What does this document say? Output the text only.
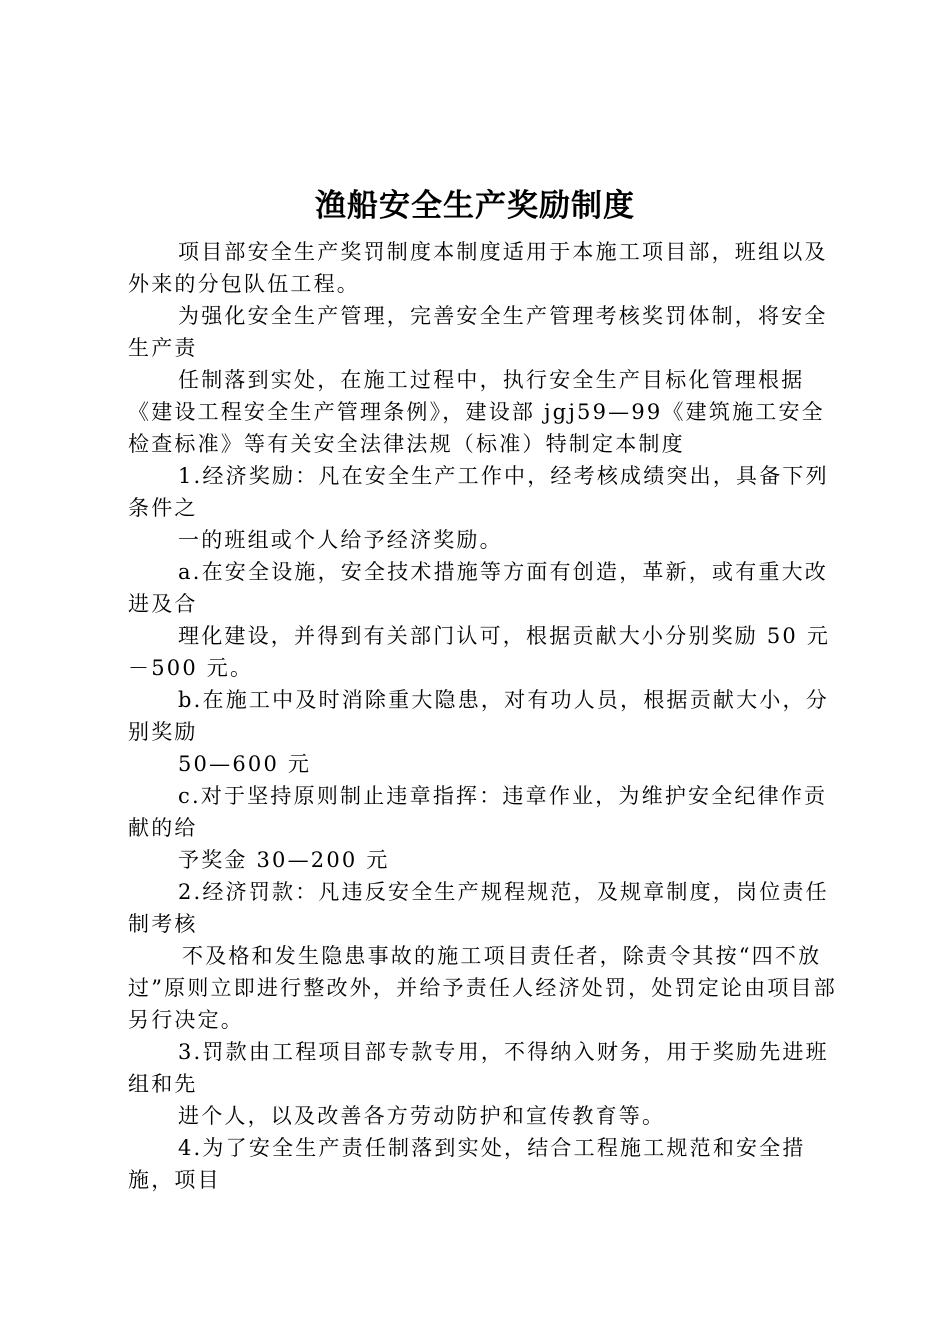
渔船安全生产奖励制度

项目部安全生产奖罚制度本制度适用于本施工项目部，班组以及外来的分包队伍工程。

为强化安全生产管理，完善安全生产管理考核奖罚体制，将安全生产责

任制落到实处，在施工过程中，执行安全生产目标化管理根据《建设工程安全生产管理条例》，建设部 jgj59—99《建筑施工安全检查标准》等有关安全法律法规（标准）特制定本制度

1.经济奖励：凡在安全生产工作中，经考核成绩突出，具备下列条件之

一的班组或个人给予经济奖励。

a.在安全设施，安全技术措施等方面有创造，革新，或有重大改进及合

理化建设，并得到有关部门认可，根据贡献大小分别奖励 50 元－500 元。

b.在施工中及时消除重大隐患，对有功人员，根据贡献大小，分别奖励

50—600 元

c.对于坚持原则制止违章指挥：违章作业，为维护安全纪律作贡献的给

予奖金 30—200 元

2.经济罚款：凡违反安全生产规程规范，及规章制度，岗位责任制考核

不及格和发生隐患事故的施工项目责任者，除责令其按“四不放过”原则立即进行整改外，并给予责任人经济处罚，处罚定论由项目部另行决定。

3.罚款由工程项目部专款专用，不得纳入财务，用于奖励先进班组和先

进个人，以及改善各方劳动防护和宣传教育等。

4.为了安全生产责任制落到实处，结合工程施工规范和安全措施，项目
